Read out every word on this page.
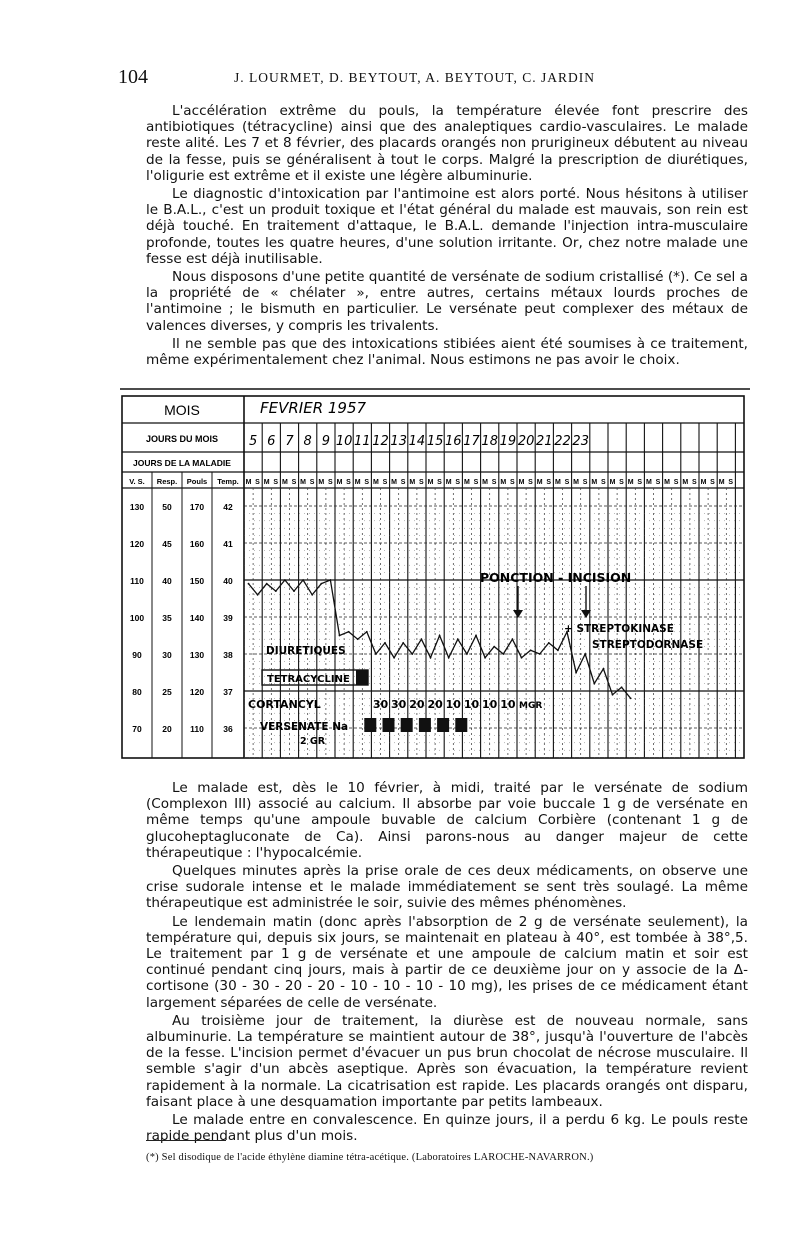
104	J. LOURMET, D. BEYTOUT, A. BEYTOUT, C. JARDIN

L'accélération extrême du pouls, la température élevée font prescrire des antibiotiques (tétracycline) ainsi que des analeptiques cardio-vasculaires. Le malade reste alité. Les 7 et 8 février, des placards orangés non prurigineux débutent au niveau de la fesse, puis se généralisent à tout le corps. Malgré la prescription de diurétiques, l'oligurie est extrême et il existe une légère albuminurie.

Le diagnostic d'intoxication par l'antimoine est alors porté. Nous hésitons à utiliser le B.A.L., c'est un produit toxique et l'état général du malade est mauvais, son rein est déjà touché. En traitement d'attaque, le B.A.L. demande l'injection intra-musculaire profonde, toutes les quatre heures, d'une solution irritante. Or, chez notre malade une fesse est déjà inutilisable.

Nous disposons d'une petite quantité de versénate de sodium cristallisé (*). Ce sel a la propriété de « chélater », entre autres, certains métaux lourds proches de l'antimoine ; le bismuth en particulier. Le versénate peut complexer des métaux de valences diverses, y compris les trivalents.

Il ne semble pas que des intoxications stibiées aient été soumises à ce traitement, même expérimentalement chez l'animal. Nous estimons ne pas avoir le choix.

MOIS	FEVRIER 1957
JOURS DU MOIS
JOURS DE LA MALADIE
V. S. Resp. Pouls Temp.
130 50 170 42
120 45 160 41
110 40 150 40
100 35 140 39
90 30 130 38
80 25 120 37
70 20 110 36
5 6 7 8 9 10 11 12 13 14 15 16 17 18 19 20 21 22 23
M S M S M S M S M S M S M S M S M S M S M S M S M S M S M S M S M S M S M S M S M S M S M S M S M S M S M S
PONCTION - INCISION
+ STREPTOKINASE
STREPTODORNASE
DIURETIQUES
TETRACYCLINE
CORTANCYL	30 30 20 20 10 10 10 10 MGR
VERSENATE Na
2 GR

Le malade est, dès le 10 février, à midi, traité par le versénate de sodium (Complexon III) associé au calcium. Il absorbe par voie buccale 1 g de versénate en même temps qu'une ampoule buvable de calcium Corbière (contenant 1 g de glucoheptagluconate de Ca). Ainsi parons-nous au danger majeur de cette thérapeutique : l'hypocalcémie.

Quelques minutes après la prise orale de ces deux médicaments, on observe une crise sudorale intense et le malade immédiatement se sent très soulagé. La même thérapeutique est administrée le soir, suivie des mêmes phénomènes.

Le lendemain matin (donc après l'absorption de 2 g de versénate seulement), la température qui, depuis six jours, se maintenait en plateau à 40°, est tombée à 38°,5. Le traitement par 1 g de versénate et une ampoule de calcium matin et soir est continué pendant cinq jours, mais à partir de ce deuxième jour on y associe de la Δ-cortisone (30 - 30 - 20 - 20 - 10 - 10 - 10 - 10 mg), les prises de ce médicament étant largement séparées de celle de versénate.

Au troisième jour de traitement, la diurèse est de nouveau normale, sans albuminurie. La température se maintient autour de 38°, jusqu'à l'ouverture de l'abcès de la fesse. L'incision permet d'évacuer un pus brun chocolat de nécrose musculaire. Il semble s'agir d'un abcès aseptique. Après son évacuation, la température revient rapidement à la normale. La cicatrisation est rapide. Les placards orangés ont disparu, faisant place à une desquamation importante par petits lambeaux.

Le malade entre en convalescence. En quinze jours, il a perdu 6 kg. Le pouls reste rapide pendant plus d'un mois.

(*) Sel disodique de l'acide éthylène diamine tétra-acétique. (Laboratoires LAROCHE-NAVARRON.)
